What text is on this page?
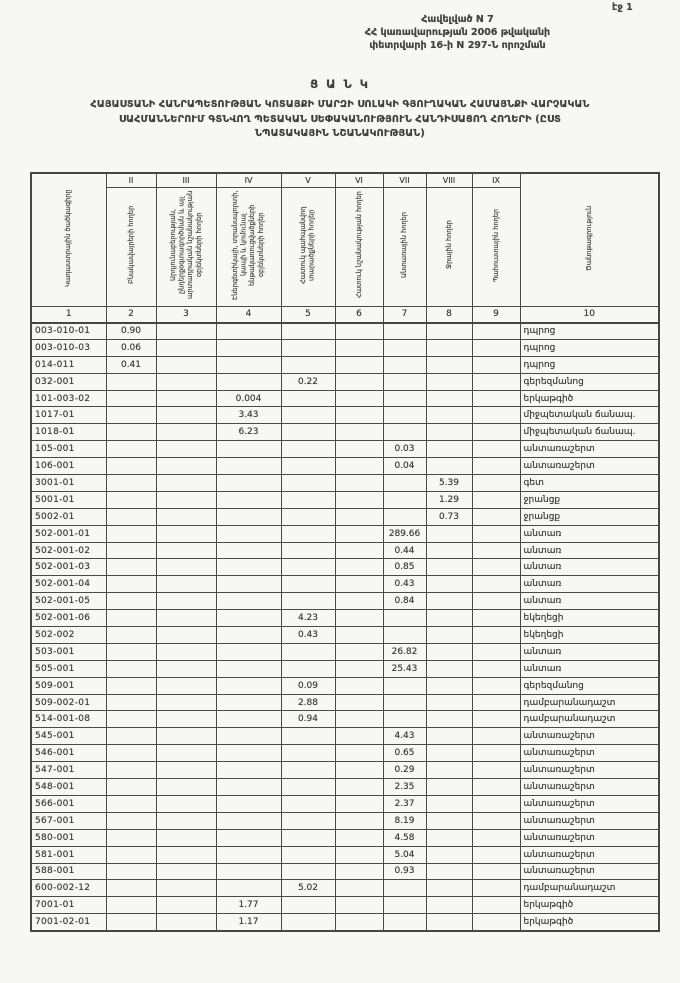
էջ 1
Հավելված N 7
ՀՀ կառավարության 2006 թվականի
փետրվարի 16-ի N 297-Ն որոշման
Ց Ա Ն Կ
ՀԱՅԱՍՏԱՆԻ ՀԱՆՐԱՊԵՏՈՒԹՅԱՆ ԿՈՏԱՅՔԻ ՄԱՐԶԻ ՍՈԼԱԿԻ ԳՅՈՒՂԱԿԱՆ ՀԱՄԱՅՆՔԻ ՎԱՐՉԱԿԱՆ
ՍԱՀՄԱՆՆԵՐՈՒՄ ԳՏՆՎՈՂ ՊԵՏԱԿԱՆ ՍԵՓԱԿԱՆՈՒԹՅՈՒՆ ՀԱՆԴԻՍԱՑՈՂ ՀՈՂԵՐԻ (ԸՍՏ
ՆՊԱՏԱԿԱՅԻՆ ՆՇԱՆԱԿՈՒԹՅԱՆ)
Կադաստրային ծածկագիրը	II	III	IV	V	VI	VII	VIII	IX	Ծանոթագրություն
	Բնակավայրերի հողեր	Արդյունաբերության, ընդերքօգտագործման և այլ արտադրական նշանակության օբյեկտների հողեր	Էներգետիկայի, տրանսպորտի, կապի և կոմունալ ենթակառուցվածքների օբյեկտների հողեր	Հատուկ պահպանվող տարածքների հողեր	Հատուկ նշանակության հողեր	Անտառային հողեր	Ջրային հողեր	Պահուստային հողեր	
1	2	3	4	5	6	7	8	9	10
003-010-01	0.90								դպրոց
003-010-03	0.06								դպրոց
014-011	0.41								դպրոց
032-001				0.22					գերեզմանոց
101-003-02			0.004						երկաթգիծ
1017-01			3.43						միջպետական ճանապ.
1018-01			6.23						միջպետական ճանապ.
105-001						0.03			անտառաշերտ
106-001						0.04			անտառաշերտ
3001-01							5.39		գետ
5001-01							1.29		ջրանցք
5002-01							0.73		ջրանցք
502-001-01						289.66			անտառ
502-001-02						0.44			անտառ
502-001-03						0.85			անտառ
502-001-04						0.43			անտառ
502-001-05						0.84			անտառ
502-001-06				4.23					եկեղեցի
502-002				0.43					եկեղեցի
503-001						26.82			անտառ
505-001						25.43			անտառ
509-001				0.09					գերեզմանոց
509-002-01				2.88					դամբարանադաշտ
514-001-08				0.94					դամբարանադաշտ
545-001						4.43			անտառաշերտ
546-001						0.65			անտառաշերտ
547-001						0.29			անտառաշերտ
548-001						2.35			անտառաշերտ
566-001						2.37			անտառաշերտ
567-001						8.19			անտառաշերտ
580-001						4.58			անտառաշերտ
581-001						5.04			անտառաշերտ
588-001						0.93			անտառաշերտ
600-002-12				5.02					դամբարանադաշտ
7001-01			1.77						երկաթգիծ
7001-02-01			1.17						երկաթգիծ
